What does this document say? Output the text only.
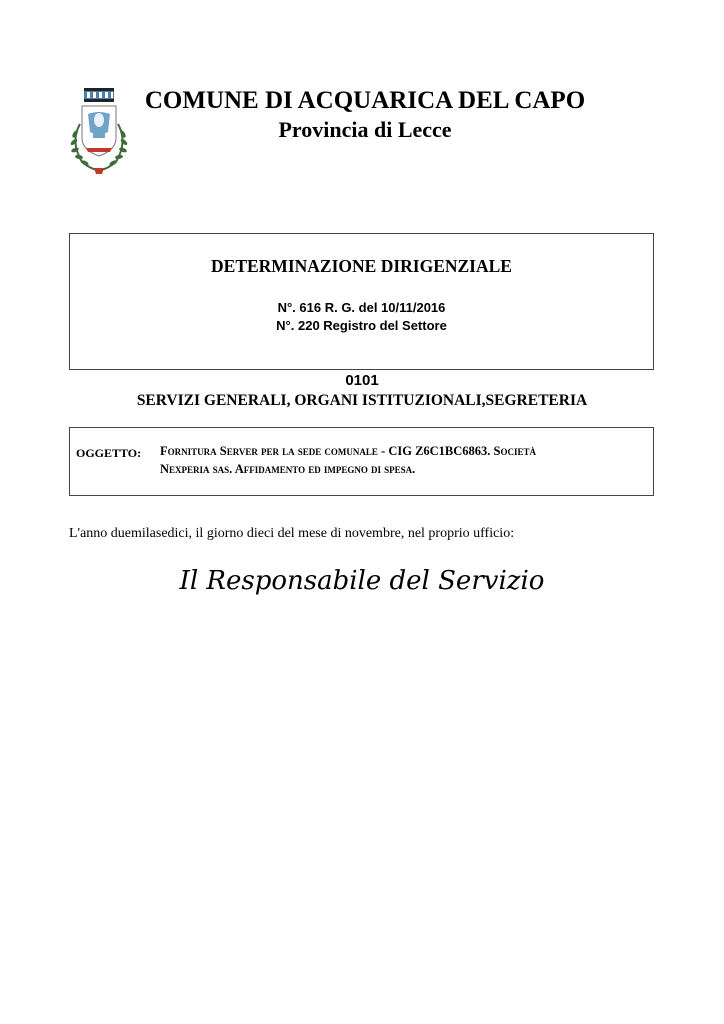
COMUNE DI ACQUARICA DEL CAPO
Provincia di Lecce
DETERMINAZIONE DIRIGENZIALE
N°. 616 R. G. del 10/11/2016
N°. 220 Registro del Settore
0101
SERVIZI GENERALI, ORGANI ISTITUZIONALI,SEGRETERIA
OGGETTO: Fornitura Server per la sede comunale - CIG Z6C1BC6863. Società
Nexperia sas. Affidamento ed impegno di spesa.
L'anno duemilasedici, il giorno dieci del mese di novembre, nel proprio ufficio:
Il Responsabile del Servizio
